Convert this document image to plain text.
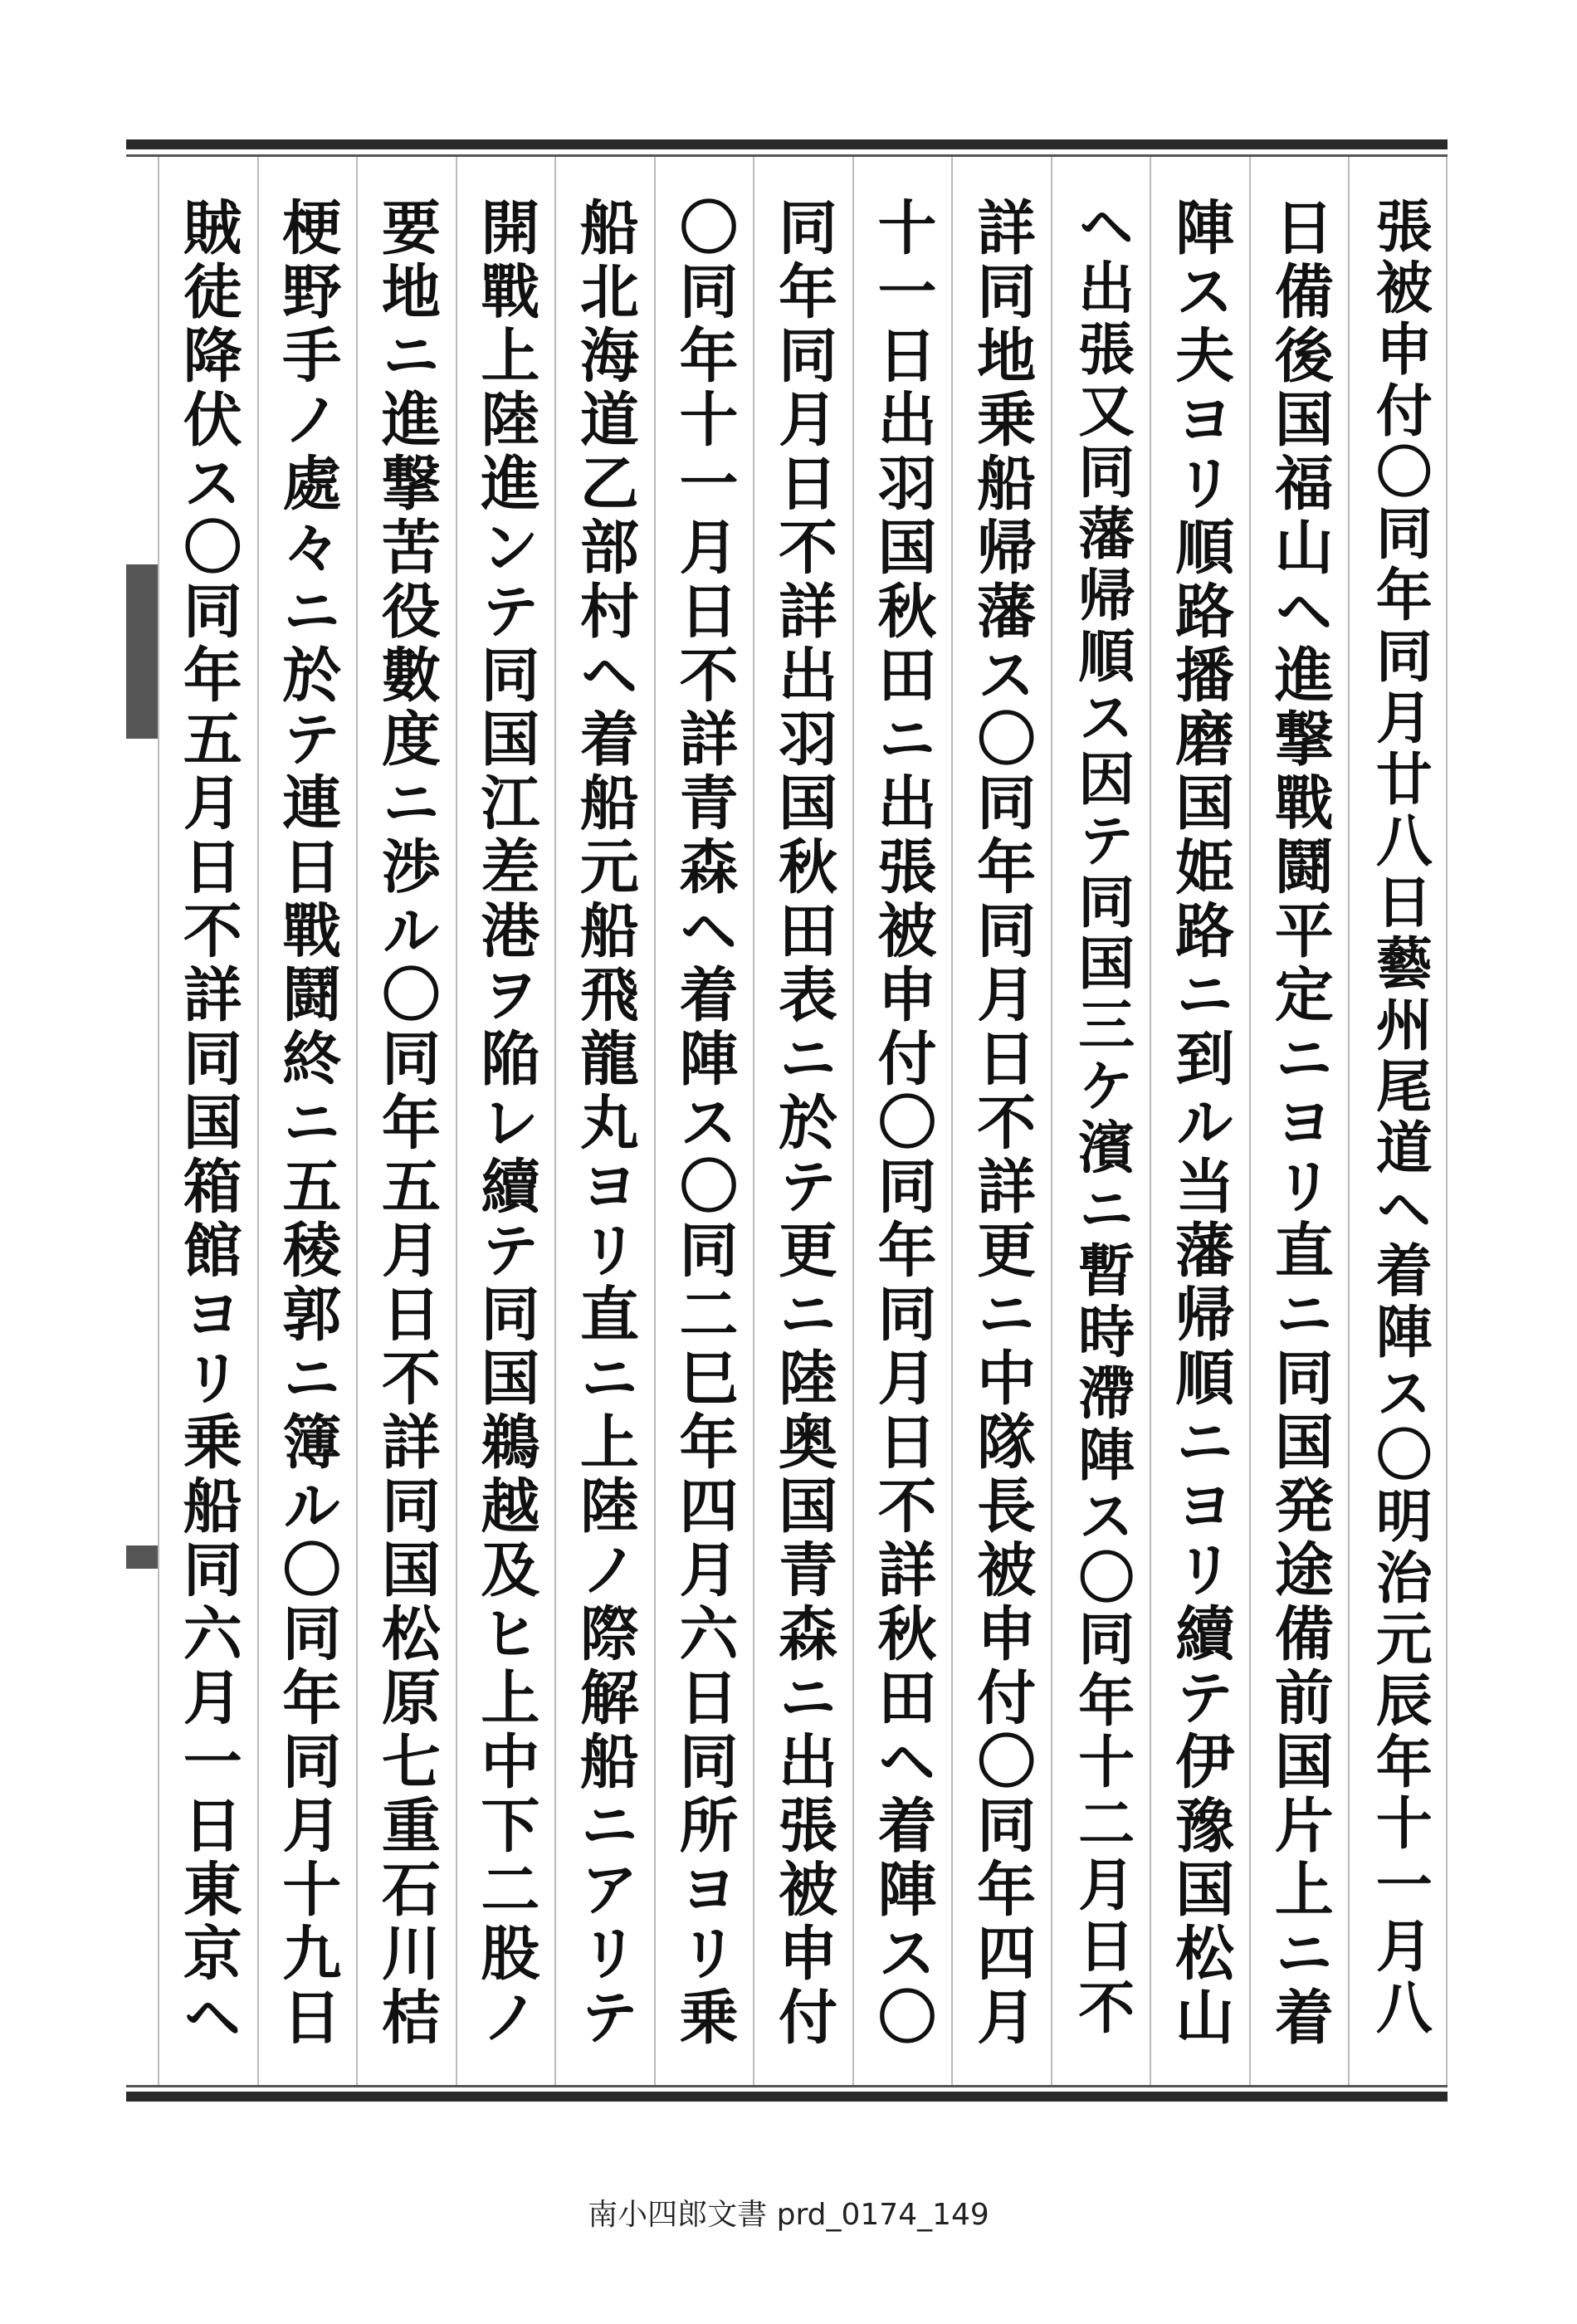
張被申付〇同年同月廿八日藝州尾道ヘ着陣ス〇明治元辰年十一月八
日備後国福山ヘ進撃戰鬪平定ニヨリ直ニ同国発途備前国片上ニ着
陣ス夫ヨリ順路播磨国姫路ニ到ル当藩帰順ニヨリ續テ伊豫国松山
ヘ出張又同藩帰順ス因テ同国三ケ濱ニ暫時滯陣ス〇同年十二月日不
詳同地乗船帰藩ス〇同年同月日不詳更ニ中隊長被申付〇同年四月
十一日出羽国秋田ニ出張被申付〇同年同月日不詳秋田ヘ着陣ス〇
同年同月日不詳出羽国秋田表ニ於テ更ニ陸奥国青森ニ出張被申付
〇同年十一月日不詳青森ヘ着陣ス〇同二巳年四月六日同所ヨリ乗
船北海道乙部村ヘ着船元船飛龍丸ヨリ直ニ上陸ノ際解船ニアリテ
開戰上陸進ンテ同国江差港ヲ陥レ續テ同国鵜越及ヒ上中下二股ノ
要地ニ進撃苦役數度ニ渉ル〇同年五月日不詳同国松原七重石川桔
梗野手ノ處々ニ於テ連日戰鬪終ニ五稜郭ニ簿ル〇同年同月十九日
賊徒降伏ス〇同年五月日不詳同国箱館ヨリ乗船同六月一日東京ヘ
南小四郎文書 prd_0174_149
